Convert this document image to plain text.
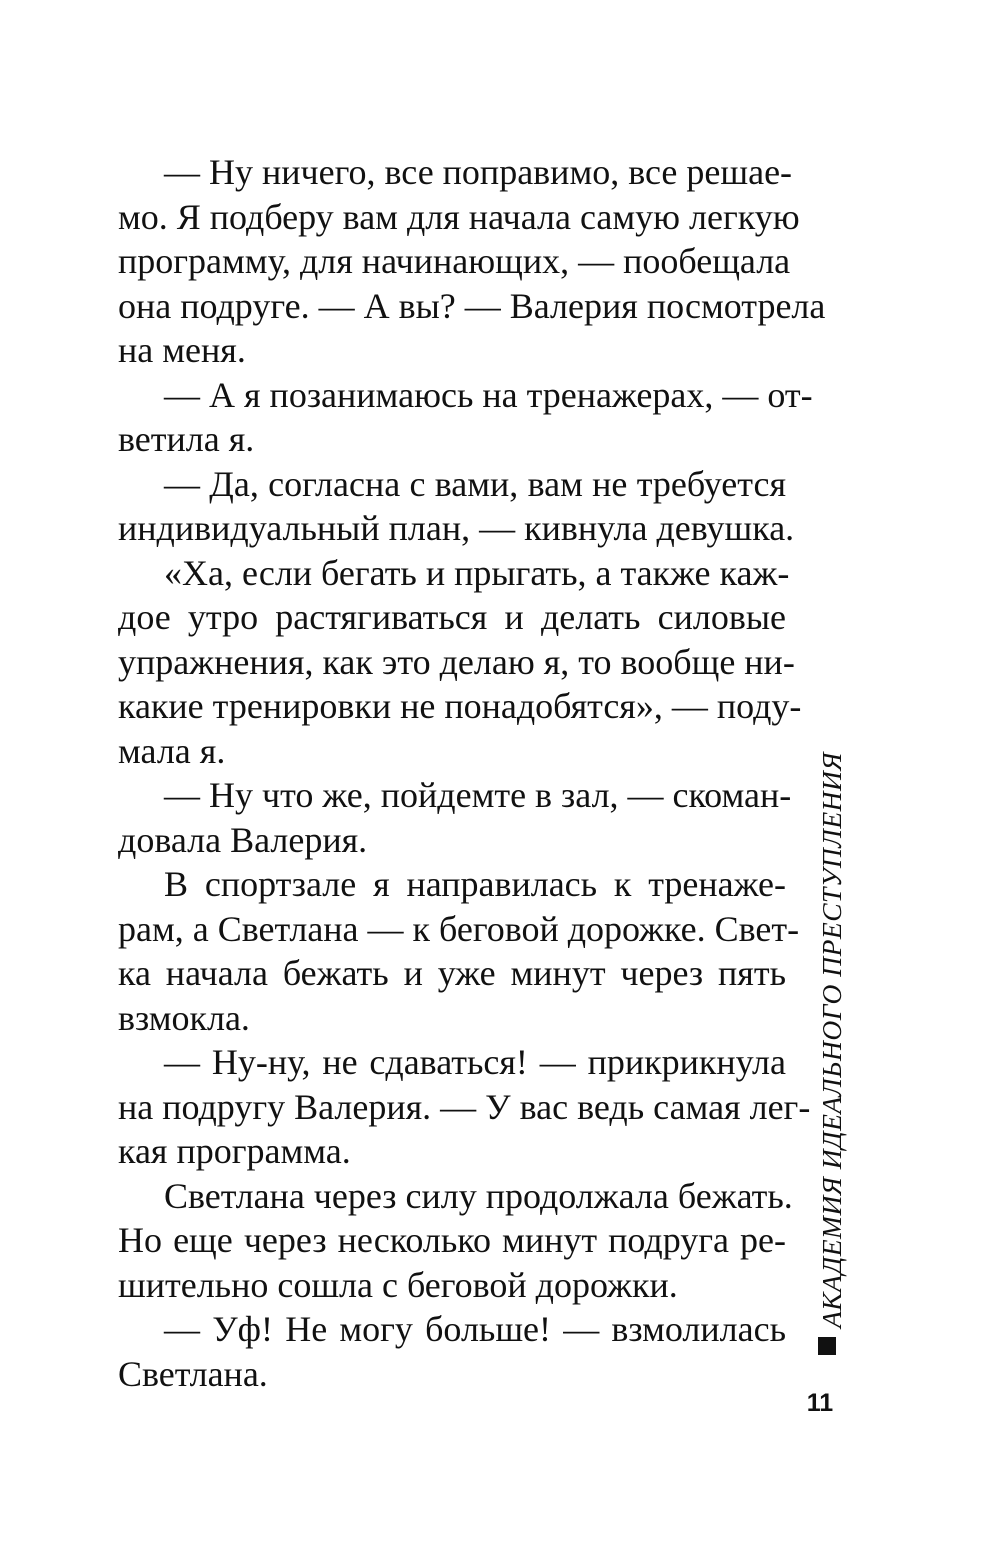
— Ну ничего, все поправимо, все решае-
мо. Я подберу вам для начала самую легкую
программу, для начинающих, — пообещала
она подруге. — А вы? — Валерия посмотрела
на меня.
— А я позанимаюсь на тренажерах, — от-
ветила я.
— Да, согласна с вами, вам не требуется
индивидуальный план, — кивнула девушка.
«Ха, если бегать и прыгать, а также каж-
дое утро растягиваться и делать силовые
упражнения, как это делаю я, то вообще ни-
какие тренировки не понадобятся», — поду-
мала я.
— Ну что же, пойдемте в зал, — скоман-
довала Валерия.
В спортзале я направилась к тренаже-
рам, а Светлана — к беговой дорожке. Свет-
ка начала бежать и уже минут через пять
взмокла.
— Ну-ну, не сдаваться! — прикрикнула
на подругу Валерия. — У вас ведь самая лег-
кая программа.
Светлана через силу продолжала бежать.
Но еще через несколько минут подруга ре-
шительно сошла с беговой дорожки.
— Уф! Не могу больше! — взмолилась
Светлана.
АКАДЕМИЯ ИДЕАЛЬНОГО ПРЕСТУПЛЕНИЯ
11
